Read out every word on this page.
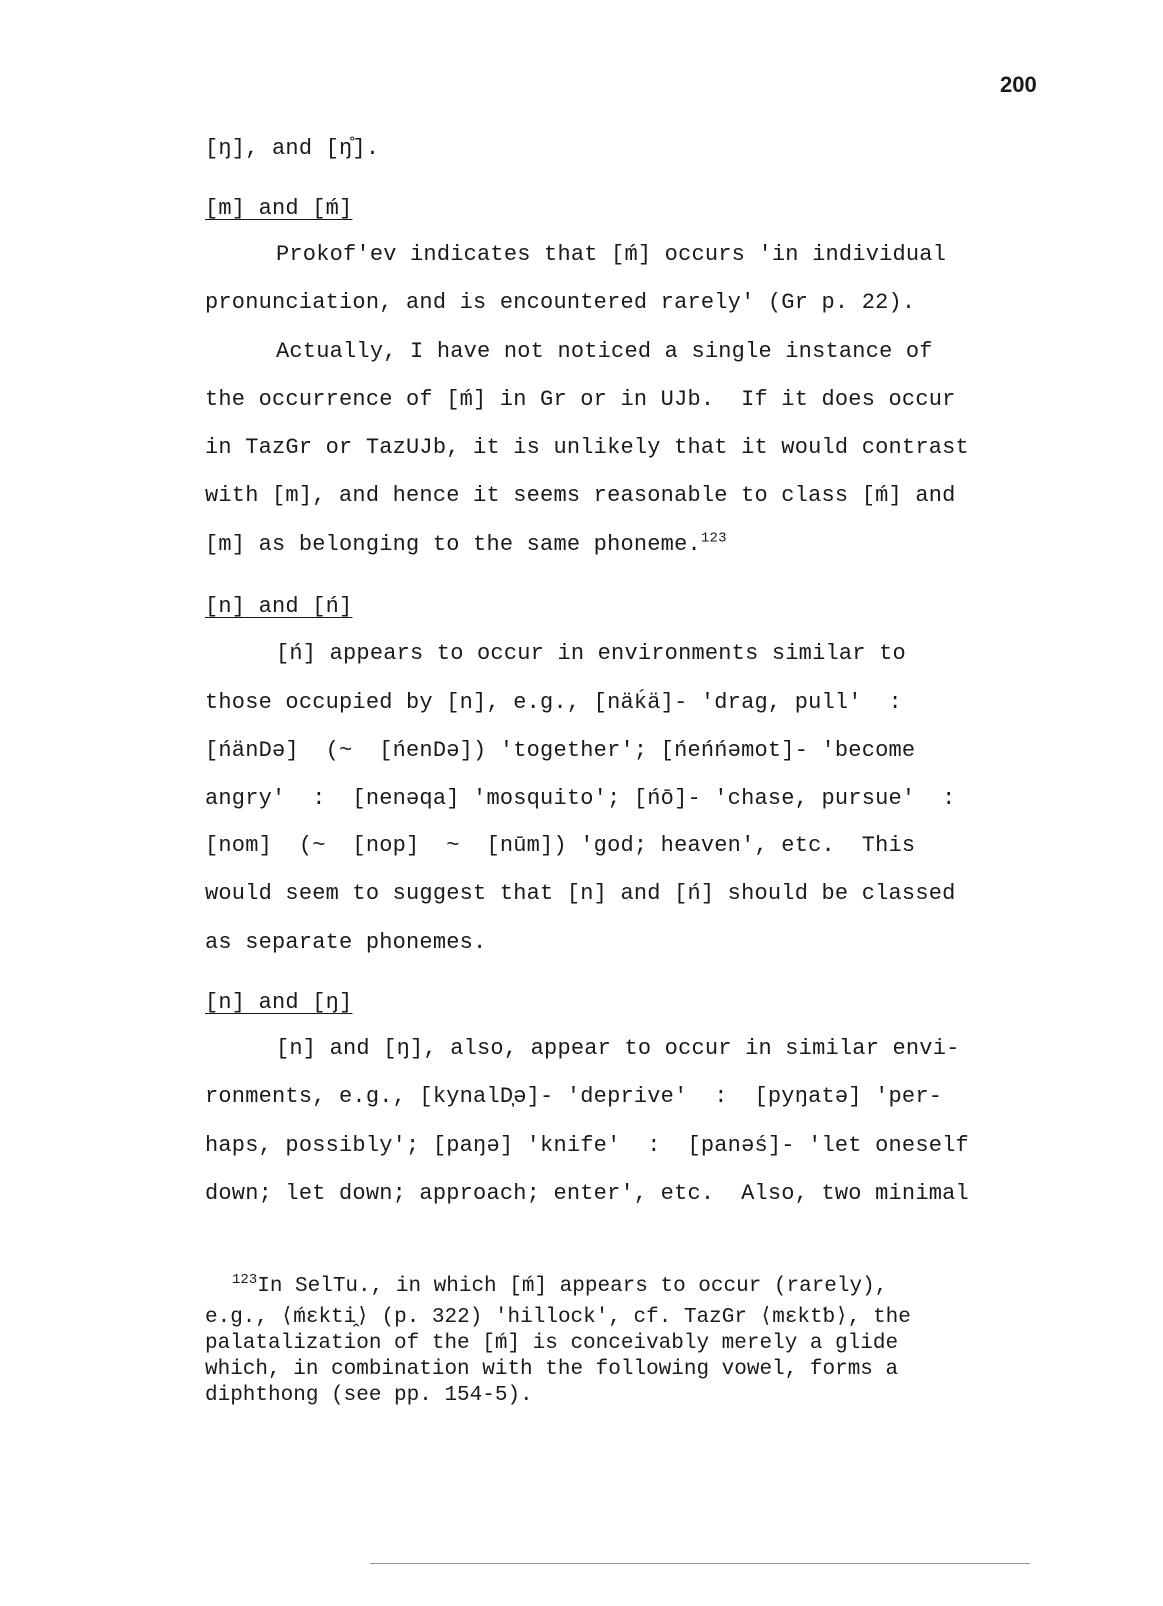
200
[ŋ], and [ŋ̊].
[m] and [ḿ]
Prokof'ev indicates that [ḿ] occurs 'in individual
pronunciation, and is encountered rarely' (Gr p. 22).
Actually, I have not noticed a single instance of
the occurrence of [ḿ] in Gr or in UJb.  If it does occur
in TazGr or TazUJb, it is unlikely that it would contrast
with [m], and hence it seems reasonable to class [ḿ] and
[m] as belonging to the same phoneme.$^{123}$
[n] and [ń]
[ń] appears to occur in environments similar to
those occupied by [n], e.g., [näḱä]- 'drag, pull'  :
[ńänDə]  (~  [ńenDə]) 'together'; [ńeńńəmot]- 'become
angry'  :  [nenəqa] 'mosquito'; [ńō]- 'chase, pursue'  :
[nom]  (~  [nop]  ~  [nūm]) 'god; heaven', etc.  This
would seem to suggest that [n] and [ń] should be classed
as separate phonemes.
[n] and [ŋ]
[n] and [ŋ], also, appear to occur in similar envi-
ronments, e.g., [kynalD̦ə]- 'deprive'  :  [pyŋatə] 'per-
haps, possibly'; [paŋə] 'knife'  :  [panəś]- 'let oneself
down; let down; approach; enter', etc.  Also, two minimal
$^{123}$In SelTu., in which [ḿ] appears to occur (rarely),
e.g., ⟨ḿɛkti̭⟩ (p. 322) 'hillock', cf. TazGr ⟨mɛktƅ⟩, the
palatalization of the [ḿ] is conceivably merely a glide
which, in combination with the following vowel, forms a
diphthong (see pp. 154-5).
